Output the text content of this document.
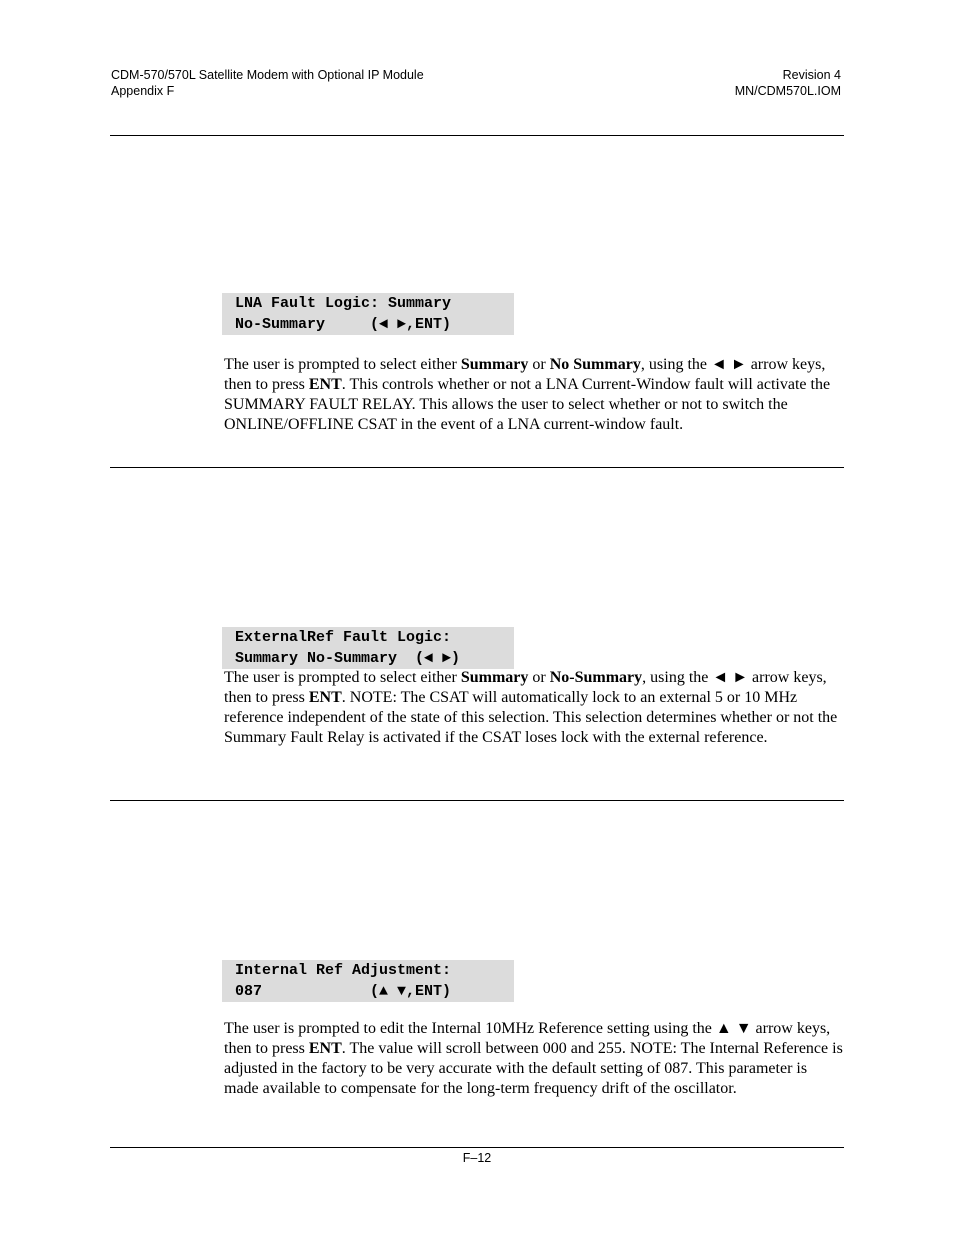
CDM-570/570L Satellite Modem with Optional IP Module
Appendix F
Revision 4
MN/CDM570L.IOM
LNA Fault Logic: Summary
No-Summary     (◄ ►,ENT)
The user is prompted to select either Summary or No Summary, using the ◄ ► arrow keys, then to press ENT. This controls whether or not a LNA Current-Window fault will activate the SUMMARY FAULT RELAY. This allows the user to select whether or not to switch the ONLINE/OFFLINE CSAT in the event of a LNA current-window fault.
ExternalRef Fault Logic:
Summary No-Summary  (◄ ►)
The user is prompted to select either Summary or No-Summary, using the ◄ ► arrow keys, then to press ENT. NOTE: The CSAT will automatically lock to an external 5 or 10 MHz reference independent of the state of this selection. This selection determines whether or not the Summary Fault Relay is activated if the CSAT loses lock with the external reference.
Internal Ref Adjustment:
087            (▲ ▼,ENT)
The user is prompted to edit the Internal 10MHz Reference setting using the ▲ ▼ arrow keys, then to press ENT. The value will scroll between 000 and 255. NOTE: The Internal Reference is adjusted in the factory to be very accurate with the default setting of 087. This parameter is made available to compensate for the long-term frequency drift of the oscillator.
F–12
